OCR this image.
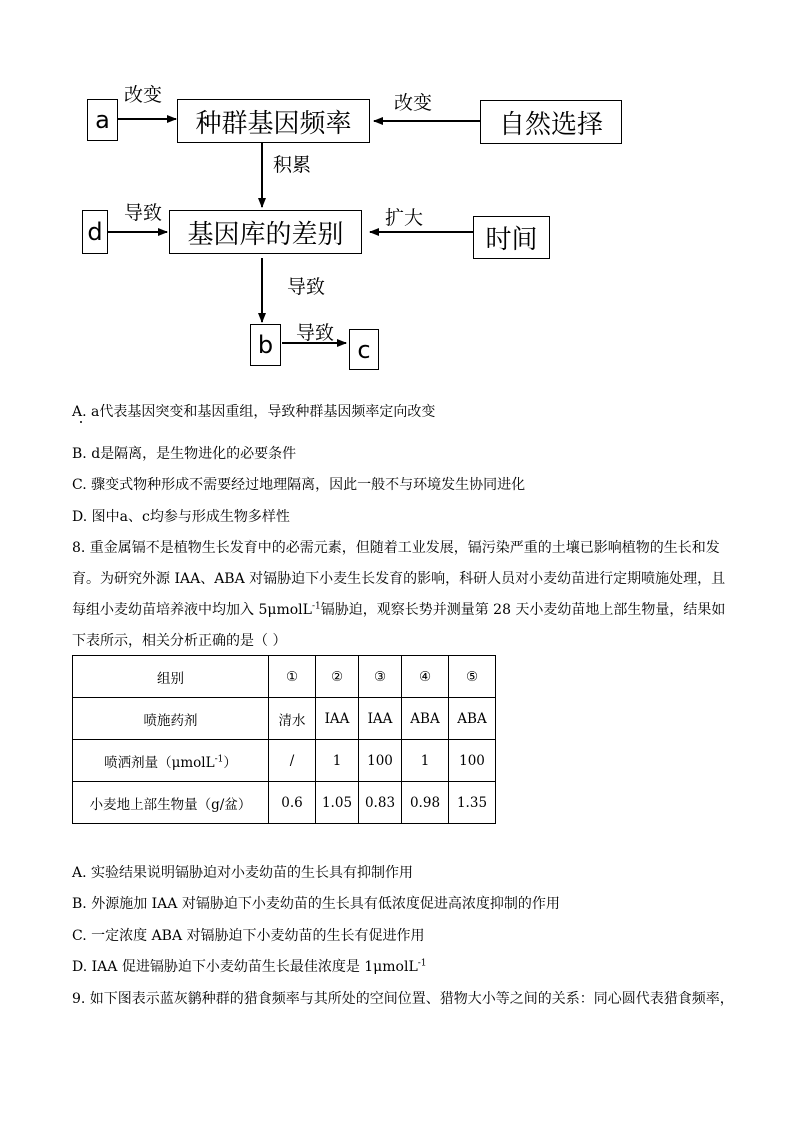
a	种群基因频率	自然选择
d	基因库的差别	时间
b	c
改变	改变
积累
导致	扩大
导致
导致
A. a代表基因突变和基因重组，导致种群基因频率定向改变
B. d是隔离，是生物进化的必要条件
C. 骤变式物种形成不需要经过地理隔离，因此一般不与环境发生协同进化
D. 图中a、c均参与形成生物多样性
8. 重金属镉不是植物生长发育中的必需元素，但随着工业发展，镉污染严重的土壤已影响植物的生长和发
育。为研究外源 IAA、ABA 对镉胁迫下小麦生长发育的影响，科研人员对小麦幼苗进行定期喷施处理，且
每组小麦幼苗培养液中均加入 5μmolL$^{-1}$镉胁迫，观察长势并测量第 28 天小麦幼苗地上部生物量，结果如
下表所示，相关分析正确的是（ ）
组别	①	②	③	④	⑤
喷施药剂	清水	IAA	IAA	ABA	ABA
喷洒剂量（μmolL$^{-1}$）	/	1	100	1	100
小麦地上部生物量（g/盆）	0.6	1.05	0.83	0.98	1.35
A. 实验结果说明镉胁迫对小麦幼苗的生长具有抑制作用
B. 外源施加 IAA 对镉胁迫下小麦幼苗的生长具有低浓度促进高浓度抑制的作用
C. 一定浓度 ABA 对镉胁迫下小麦幼苗的生长有促进作用
D. IAA 促进镉胁迫下小麦幼苗生长最佳浓度是 1μmolL$^{-1}$
9. 如下图表示蓝灰鹟种群的猎食频率与其所处的空间位置、猎物大小等之间的关系：同心圆代表猎食频率，
